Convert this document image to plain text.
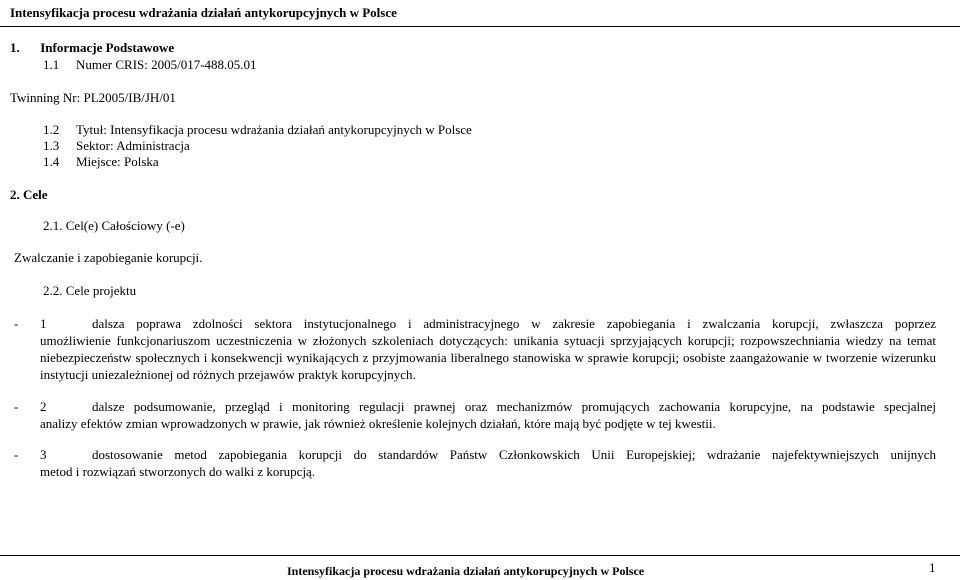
Intensyfikacja procesu wdrażania działań antykorupcyjnych w Polsce
1. Informacje Podstawowe
1.1 Numer CRIS: 2005/017-488.05.01
Twinning Nr: PL2005/IB/JH/01
1.2 Tytuł: Intensyfikacja procesu wdrażania działań antykorupcyjnych w Polsce
1.3 Sektor: Administracja
1.4 Miejsce: Polska
2. Cele
2.1. Cel(e) Całościowy (-e)
Zwalczanie i zapobieganie korupcji.
2.2. Cele projektu
-	1	dalsza poprawa zdolności sektora instytucjonalnego i administracyjnego w zakresie zapobiegania i zwalczania korupcji, zwłaszcza poprzez
umożliwienie funkcjonariuszom uczestniczenia w złożonych szkoleniach dotyczących: unikania sytuacji sprzyjających korupcji; rozpowszechniania wiedzy na temat niebezpieczeństw społecznych i konsekwencji wynikających z przyjmowania liberalnego stanowiska w sprawie korupcji; osobiste zaangażowanie w tworzenie wizerunku instytucji uniezależnionej od różnych przejawów praktyk korupcyjnych.
-	2	dalsze podsumowanie, przegląd i monitoring regulacji prawnej oraz mechanizmów promujących zachowania korupcyjne, na podstawie specjalnej
analizy efektów zmian wprowadzonych w prawie, jak również określenie kolejnych działań, które mają być podjęte w tej kwestii.
-	3	dostosowanie metod zapobiegania korupcji do standardów Państw Członkowskich Unii Europejskiej; wdrażanie najefektywniejszych unijnych
metod i rozwiązań stworzonych do walki z korupcją.
Intensyfikacja procesu wdrażania działań antykorupcyjnych w Polsce	1
